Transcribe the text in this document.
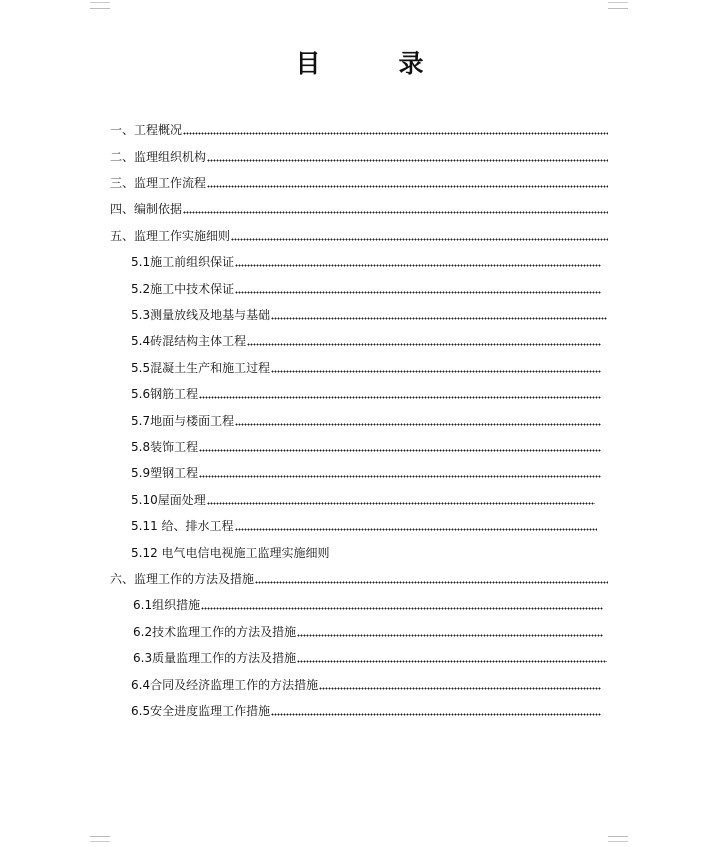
目	录
一、工程概况
二、监理组织机构
三、监理工作流程
四、编制依据
五、监理工作实施细则
5.1施工前组织保证
5.2施工中技术保证
5.3测量放线及地基与基础
5.4砖混结构主体工程
5.5混凝土生产和施工过程
5.6钢筋工程
5.7地面与楼面工程
5.8装饰工程
5.9塑钢工程
5.10屋面处理
5.11 给、排水工程
5.12 电气电信电视施工监理实施细则
六、监理工作的方法及措施
6.1组织措施
6.2技术监理工作的方法及措施
6.3质量监理工作的方法及措施
6.4合同及经济监理工作的方法措施
6.5安全进度监理工作措施
